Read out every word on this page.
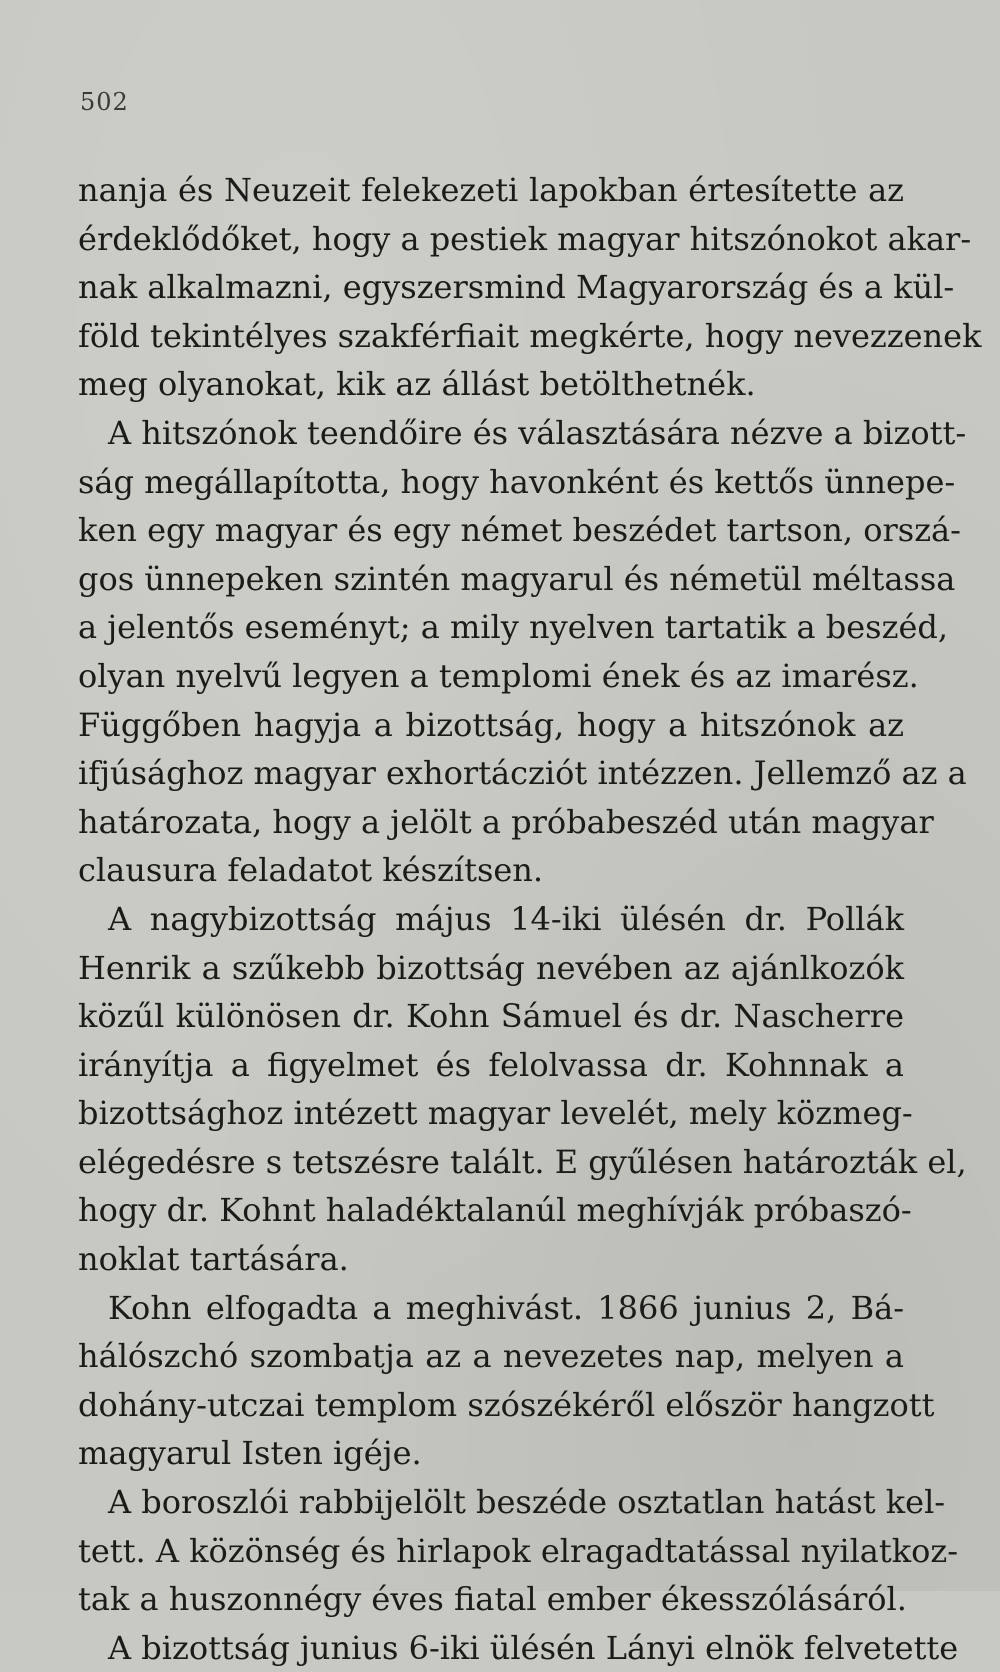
502
nanja és Neuzeit felekezeti lapokban értesítette az
érdeklődőket, hogy a pestiek magyar hitszónokot akar-
nak alkalmazni, egyszersmind Magyarország és a kül-
föld tekintélyes szakférfiait megkérte, hogy nevezzenek
meg olyanokat, kik az állást betölthetnék.
A hitszónok teendőire és választására nézve a bizott-
ság megállapította, hogy havonként és kettős ünnepe-
ken egy magyar és egy német beszédet tartson, orszá-
gos ünnepeken szintén magyarul és németül méltassa
a jelentős eseményt; a mily nyelven tartatik a beszéd,
olyan nyelvű legyen a templomi ének és az imarész.
Függőben hagyja a bizottság, hogy a hitszónok az
ifjúsághoz magyar exhortácziót intézzen. Jellemző az a
határozata, hogy a jelölt a próbabeszéd után magyar
clausura feladatot készítsen.
A nagybizottság május 14-iki ülésén dr. Pollák
Henrik a szűkebb bizottság nevében az ajánlkozók
közűl különösen dr. Kohn Sámuel és dr. Nascherre
irányítja a figyelmet és felolvassa dr. Kohnnak a
bizottsághoz intézett magyar levelét, mely közmeg-
elégedésre s tetszésre talált. E gyűlésen határozták el,
hogy dr. Kohnt haladéktalanúl meghívják próbaszó-
noklat tartására.
Kohn elfogadta a meghivást. 1866 junius 2, Bá-
hálószchó szombatja az a nevezetes nap, melyen a
dohány-utczai templom szószékéről először hangzott
magyarul Isten igéje.
A boroszlói rabbijelölt beszéde osztatlan hatást kel-
tett. A közönség és hirlapok elragadtatással nyilatkoz-
tak a huszonnégy éves fiatal ember ékesszólásáról.
A bizottság junius 6-iki ülésén Lányi elnök felvetette
